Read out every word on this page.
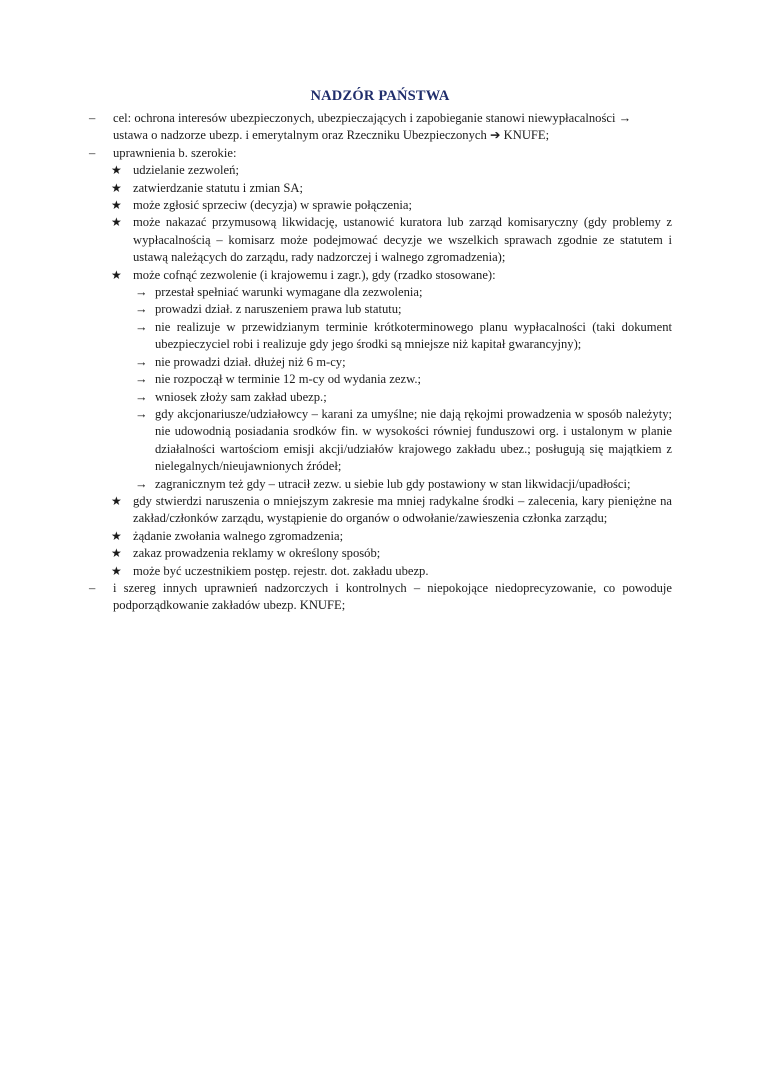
NADZÓR PAŃSTWA
– cel: ochrona interesów ubezpieczonych, ubezpieczających i zapobieganie stanowi niewypłacalności →
ustawa o nadzorze ubezp. i emerytalnym oraz Rzeczniku Ubezpieczonych ➔ KNUFE;
– uprawnienia b. szerokie:
★ udzielanie zezwoleń;
★ zatwierdzanie statutu i zmian SA;
★ może zgłosić sprzeciw (decyzja) w sprawie połączenia;
★ może nakazać przymusową likwidację, ustanowić kuratora lub zarząd komisaryczny (gdy problemy z wypłacalnością – komisarz może podejmować decyzje we wszelkich sprawach zgodnie ze statutem i ustawą należących do zarządu, rady nadzorczej i walnego zgromadzenia);
★ może cofnąć zezwolenie (i krajowemu i zagr.), gdy (rzadko stosowane):
→ przestał spełniać warunki wymagane dla zezwolenia;
→ prowadzi dział. z naruszeniem prawa lub statutu;
→ nie realizuje w przewidzianym terminie krótkoterminowego planu wypłacalności (taki dokument ubezpieczyciel robi i realizuje gdy jego środki są mniejsze niż kapitał gwarancyjny);
→ nie prowadzi dział. dłużej niż 6 m-cy;
→ nie rozpoczął w terminie 12 m-cy od wydania zezw.;
→ wniosek złoży sam zakład ubezp.;
→ gdy akcjonariusze/udziałowcy – karani za umyślne; nie dają rękojmi prowadzenia w sposób należyty; nie udowodnią posiadania srodków fin. w wysokości równiej funduszowi org. i ustalonym w planie działalności wartościom emisji akcji/udziałów krajowego zakładu ubez.; posługują się majątkiem z nielegalnych/nieujawnionych źródeł;
→ zagranicznym też gdy – utracił zezw. u siebie lub gdy postawiony w stan likwidacji/upadłości;
★ gdy stwierdzi naruszenia o mniejszym zakresie ma mniej radykalne środki – zalecenia, kary pieniężne na zakład/członków zarządu, wystąpienie do organów o odwołanie/zawieszenia członka zarządu;
★ żądanie zwołania walnego zgromadzenia;
★ zakaz prowadzenia reklamy w określony sposób;
★ może być uczestnikiem postęp. rejestr. dot. zakładu ubezp.
– i szereg innych uprawnień nadzorczych i kontrolnych – niepokojące niedoprecyzowanie, co powoduje podporządkowanie zakładów ubezp. KNUFE;
